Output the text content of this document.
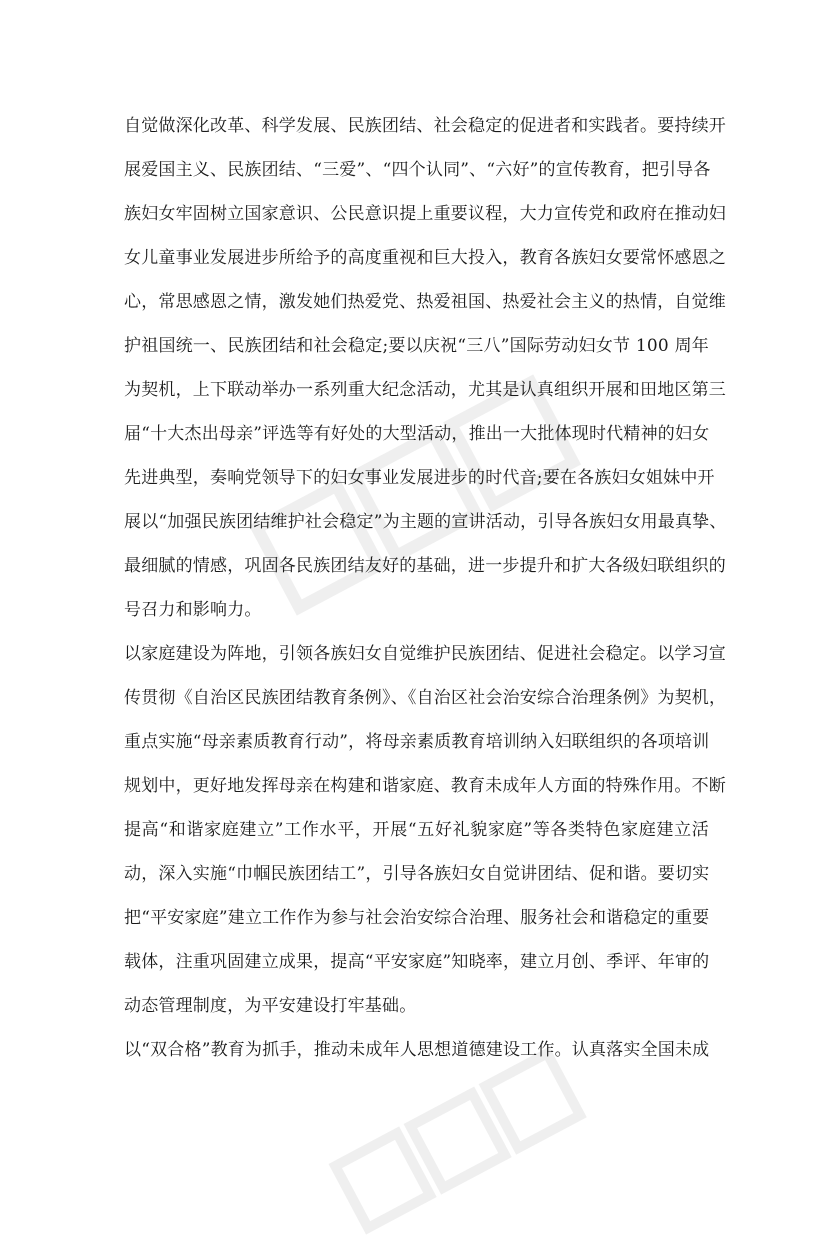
自觉做深化改革、科学发展、民族团结、社会稳定的促进者和实践者。要持续开
展爱国主义、民族团结、“三爱”、“四个认同”、“六好”的宣传教育，把引导各
族妇女牢固树立国家意识、公民意识提上重要议程，大力宣传党和政府在推动妇
女儿童事业发展进步所给予的高度重视和巨大投入，教育各族妇女要常怀感恩之
心，常思感恩之情，激发她们热爱党、热爱祖国、热爱社会主义的热情，自觉维
护祖国统一、民族团结和社会稳定;要以庆祝“三八”国际劳动妇女节 100 周年
为契机，上下联动举办一系列重大纪念活动，尤其是认真组织开展和田地区第三
届“十大杰出母亲”评选等有好处的大型活动，推出一大批体现时代精神的妇女
先进典型，奏响党领导下的妇女事业发展进步的时代音;要在各族妇女姐妹中开
展以“加强民族团结维护社会稳定”为主题的宣讲活动，引导各族妇女用最真挚、
最细腻的情感，巩固各民族团结友好的基础，进一步提升和扩大各级妇联组织的
号召力和影响力。
以家庭建设为阵地，引领各族妇女自觉维护民族团结、促进社会稳定。以学习宣
传贯彻《自治区民族团结教育条例》、《自治区社会治安综合治理条例》为契机，
重点实施“母亲素质教育行动”，将母亲素质教育培训纳入妇联组织的各项培训
规划中，更好地发挥母亲在构建和谐家庭、教育未成年人方面的特殊作用。不断
提高“和谐家庭建立”工作水平，开展“五好礼貌家庭”等各类特色家庭建立活
动，深入实施“巾帼民族团结工”，引导各族妇女自觉讲团结、促和谐。要切实
把“平安家庭”建立工作作为参与社会治安综合治理、服务社会和谐稳定的重要
载体，注重巩固建立成果，提高“平安家庭”知晓率，建立月创、季评、年审的
动态管理制度，为平安建设打牢基础。
以“双合格”教育为抓手，推动未成年人思想道德建设工作。认真落实全国未成
